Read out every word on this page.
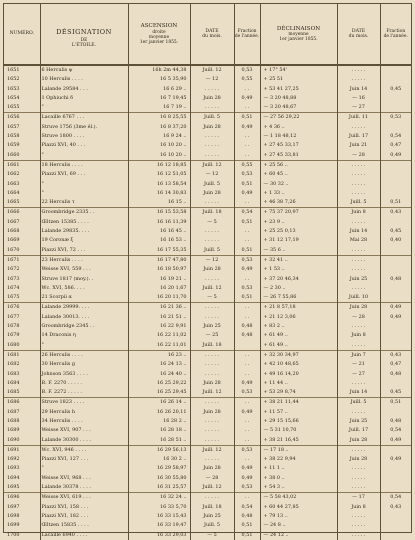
NUMÉRO.	DÉSIGNATION
DE
L'ÉTOILE.	ASCENSION
droite
moyenne
1er janvier 1855.	DATE
du mois.	Fraction
de l'année.	DÉCLINAISON
moyenne
1er janvier 1855.	DATE
du mois.	Fraction
de l'année.

1651	6 Herculis ψ	16h 2m 44,38	Juill. 12	0,53	+ 17° 54'	. . . . .	
1652	10 Herculis . . . .	16 5 35,90	— 12	0,55	+ 25 51	. . . . .	
1653	Lalande 29584 . . .	16 6 29 ..	. . . . .	. .	+ 53 41 27,25	Juin 14	0,45
1654	1 Ophiuchi δ	16 7 19,45	Juin 28	0,49	— 3 20 48,88	— 16	
1655	"	16 7 19 ..	. . . . .	. .	— 3 20 48,67	— 27	
1656	Lacaille 6767 . . .	16 8 25,55	Juill. 5	0,51	— 27 56 29,22	Juill. 11	0,53
1657	Struve 1756 (3me él.).	16 8 37,20	Juin 28	0,49	+ 4 36 ..	. . . . .	
1658	Struve 1800 . . . .	16 9 24 ..	. . . . .	. .	— 1 18 48,12	Juill. 17	0,54
1659	Piazzi XVI, 40 . . .	16 10 20 ..	. . . . .	. .	+ 27 45 33,17	Juin 21	0,47
1660	"	16 10 20 ..	. . . . .	. .	+ 27 45 33,81	— 28	0,49
1661	18 Herculis . . . .	16 12 18,85	Juill. 12	0,55	+ 25 56 ..	. . . . .	
1662	Piazzi XVI, 69 . . .	16 12 51,05	— 12	0,53	+ 60 45 ..	. . . . .	
1663	"	16 13 58,54	Juill. 5	0,51	— 30 32 ..	. . . . .	
1664	"	16 14 30,83	Juin 28	0,49	+ 1 33 ..	. . . . .	
1665	22 Herculis τ	16 15 ..	. . . . .	. .	+ 46 38 7,26	Juill. 5	0,51
1666	Groombridge 2335 . .	16 15 53,58	Juill. 18	0,54	+ 75 37 20,97	Juin 8	0,43
1667	Œltzen 15385 . . . .	16 16 11,39	— 5	0,51	+ 23 9 ..	. . . . .	
1668	Lalande 29835. . . .	16 16 45 ..	. . . . .	. .	+ 25 25 0,13	Juin 14	0,45
1669	19 Coronæ ξ	16 16 53 ..	. . . . .	. .	+ 31 12 17,19	Mai 28	0,40
1670	Piazzi XVI, 72 . . .	16 17 55,35	Juill. 5	0,51	— 35 6 ..	. . . . .	
1671	23 Herculis . . . .	16 17 47,80	— 12	0,53	+ 32 41 ..	. . . . .	
1672	Weisse XVI, 559 . . .	16 18 50,97	Juin 28	0,49	+ 1 53 ..	. . . . .	
1673	Struve 1817 (moy.). .	16 19 21 ..	. . . . .	. .	+ 37 20 46,34	Juin 25	0,48
1674	Wc. XVI, 586. . . .	16 20 1,67	Juill. 12	0,53	— 2 30 ..	. . . . .	
1675	21 Scorpii α	16 20 11,70	— 5	0,51	— 26 7 55,86	Juill. 10	
1676	Lalande 29999. . . .	16 21 36 ..	. . . . .	. .	+ 21 8 57,18	Juin 28	0,49
1677	Lalande 30013. . . .	16 21 51 ..	. . . . .	. .	+ 21 12 3,06	— 28	0,49
1678	Groombridge 2345 . .	16 22 9,91	Juin 25	0,48	+ 83 2 ..	. . . . .	
1679	14 Draconis η	16 22 11,02	— 25	0,48	+ 61 49 ..	Juin 8	
1680	"	16 22 11,01	Juill. 18		+ 61 49 ..	. . . . .	
1681	26 Herculis . . . .	16 23 ..	. . . . .	. .	+ 32 30 34,97	Juin 7	0,43
1682	30 Herculis g	16 24 13 ..	. . . . .	. .	+ 42 10 48,65	— 21	0,47
1683	Johnson 3563 . . . .	16 24 40 ..	. . . . .	. .	+ 49 16 14,20	— 27	0,48
1684	B. F. 2270 . . . . .	16 25 29,22	Juin 28	0,49	+ 11 44 ..	. . . . .	
1685	B. F. 2272 . . . . .	16 25 29,45	Juill. 12	0,53	+ 53 29 8,74	Juin 14	0,45
1686	Struve 1823 . . . .	16 26 14 ..	. . . . .	. .	+ 38 21 11,44	Juill. 5	0,51
1687	29 Herculis h	16 26 20,11	Juin 28	0,49	+ 11 57 ..	. . . . .	
1688	34 Herculis . . . .	16 28 2 ..	. . . . .	. .	+ 29 15 15,66	Juin 25	0,48
1689	Weisse XVI, 907 . . .	16 28 18 ..	. . . . .	. .	— 5 31 10,70	Juill. 17	0,54
1690	Lalande 30300 . . . .	16 28 51 ..	. . . . .	. .	+ 38 21 16,45	Juin 28	0,49
1691	Wc. XVI, 946 . . . .	16 29 56,13	Juill. 12	0,53	— 17 18 ..	. . . . .	
1692	Piazzi XVI, 127 . . .	16 30 2 ..	. . . . .	. .	+ 38 22 9,94	Juin 28	0,49
1693	"	16 29 58,97	Juin 28	0,49	+ 11 1 ..	. . . . .	
1694	Weisse XVI, 968 . . .	16 30 55,80	— 28	0,49	+ 38 0 ..	. . . . .	
1695	Lalande 30378 . . . .	16 31 25,57	Juill. 12	0,53	+ 54 3 ..	. . . . .	
1696	Weisse XVI, 619 . . .	16 32 24 ..	. . . . .	. .	— 5 58 43,02	— 17	0,54
1697	Piazzi XVI, 158 . . .	16 33 5,70	Juill. 18	0,54	+ 60 44 27,85	Juin 8	0,43
1698	Piazzi XVI, 182 . . .	16 33 15,43	Juin 25	0,48	+ 79 13 ..	. . . . .	
1699	Œltzen 15835 . . . .	16 33 19,47	Juill. 5	0,51	— 24 8 ..	. . . . .	
1700	Lacaille 6940 . . . .	16 33 29,03	— 5	0,51	— 24 12 ..	. . . . .	
